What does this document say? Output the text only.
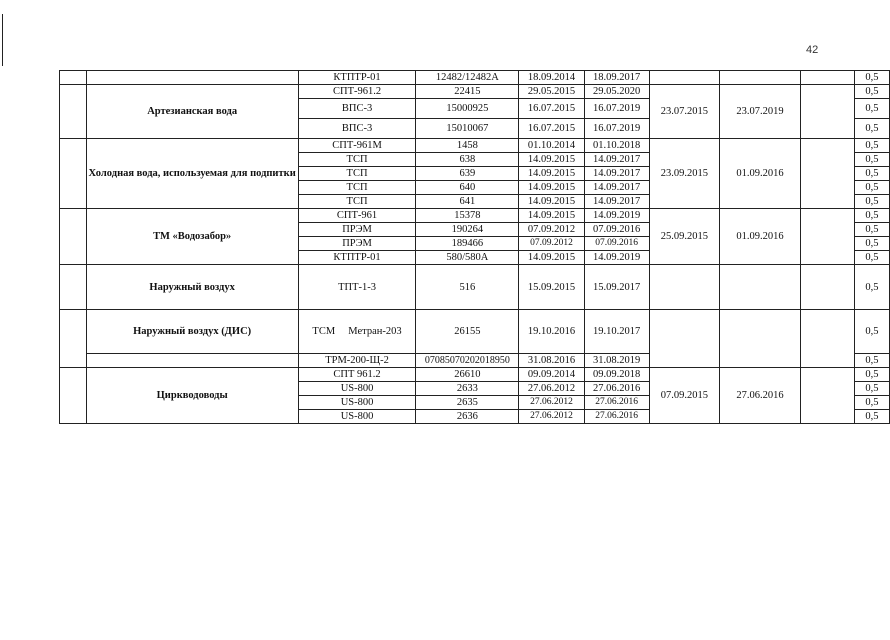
42
		КТПТР-01	12482/12482А	18.09.2014	18.09.2017				0,5
	Артезианская вода	СПТ-961.2	22415	29.05.2015	29.05.2020	23.07.2015	23.07.2019		0,5
		ВПС-3	15000925	16.07.2015	16.07.2019				0,5
		ВПС-3	15010067	16.07.2015	16.07.2019				0,5
	Холодная вода, используемая для подпитки	СПТ-961М	1458	01.10.2014	01.10.2018	23.09.2015	01.09.2016		0,5
		ТСП	638	14.09.2015	14.09.2017				0,5
		ТСП	639	14.09.2015	14.09.2017				0,5
		ТСП	640	14.09.2015	14.09.2017				0,5
		ТСП	641	14.09.2015	14.09.2017				0,5
	ТМ «Водозабор»	СПТ-961	15378	14.09.2015	14.09.2019	25.09.2015	01.09.2016		0,5
		ПРЭМ	190264	07.09.2012	07.09.2016				0,5
		ПРЭМ	189466	07.09.2012	07.09.2016				0,5
		КТПТР-01	580/580А	14.09.2015	14.09.2019				0,5
	Наружный воздух	ТПТ-1-3	516	15.09.2015	15.09.2017				0,5
	Наружный воздух (ДИС)	ТСМ     Метран-203	26155	19.10.2016	19.10.2017				0,5
		ТРМ-200-Щ-2	07085070202018950	31.08.2016	31.08.2019				0,5
	Циркводоводы	СПТ 961.2	26610	09.09.2014	09.09.2018	07.09.2015	27.06.2016		0,5
		US-800	2633	27.06.2012	27.06.2016				0,5
		US-800	2635	27.06.2012	27.06.2016				0,5
		US-800	2636	27.06.2012	27.06.2016				0,5
